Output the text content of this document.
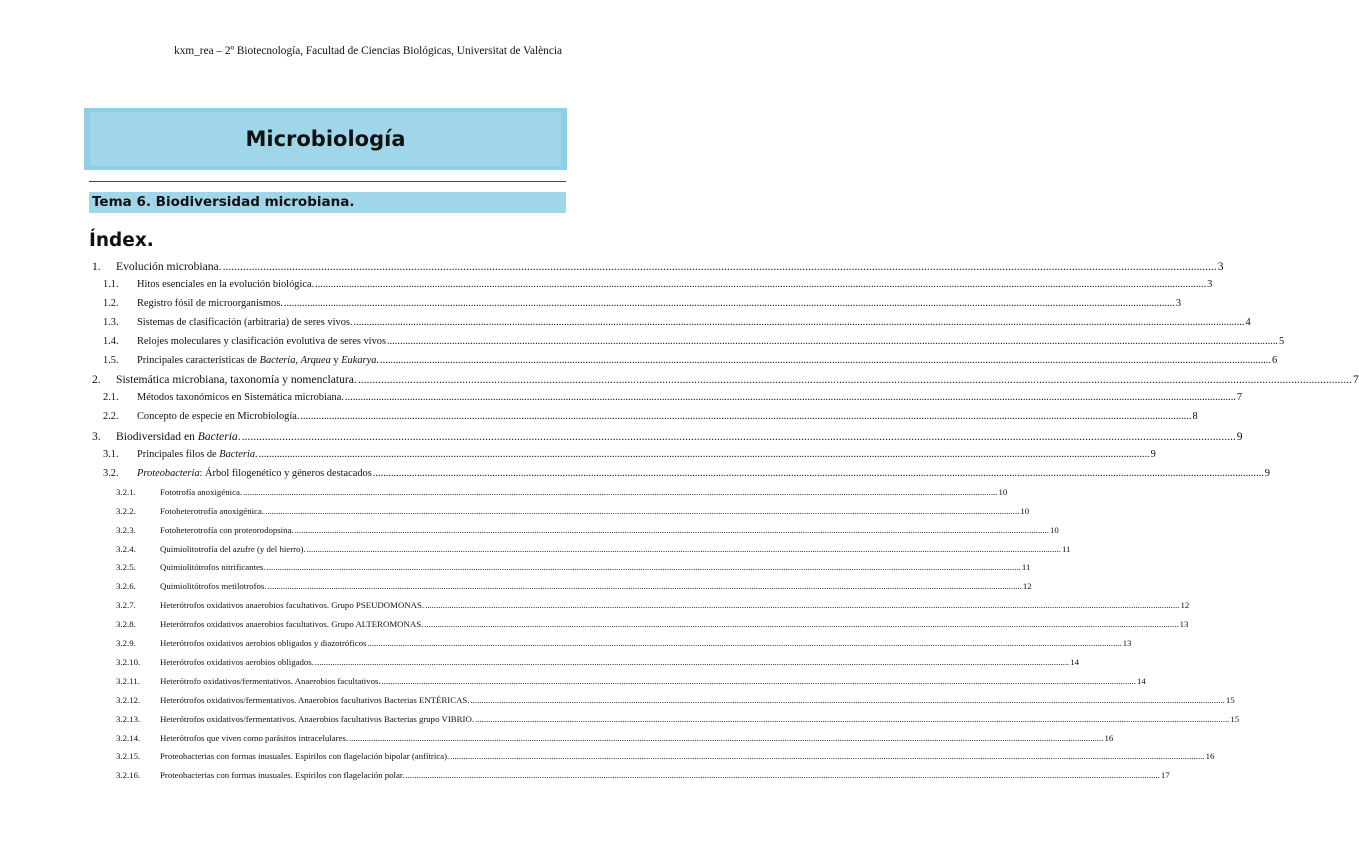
kxm_rea – 2º Biotecnología, Facultad de Ciencias Biológicas, Universitat de València
Microbiología
Tema 6. Biodiversidad microbiana.
Índex.
1.	Evolución microbiana. .....	3
1.1.	Hitos esenciales en la evolución biológica. .....	3
1.2.	Registro fósil de microorganismos. .....	3
1.3.	Sistemas de clasificación (arbitraria) de seres vivos. .....	4
1.4.	Relojes moleculares y clasificación evolutiva de seres vivos .....	5
1.5.	Principales características de Bacteria, Arquea y Eukarya. .....	6
2.	Sistemática microbiana, taxonomía y nomenclatura. .....	7
2.1.	Métodos taxonómicos en Sistemática microbiana. .....	7
2.2.	Concepto de especie en Microbiología. .....	8
3.	Biodiversidad en Bacteria. .....	9
3.1.	Principales filos de Bacteria. .....	9
3.2.	Proteobacteria: Árbol filogenético y géneros destacados .....	9
3.2.1.	Fototrofía anoxigénica. .....	10
3.2.2.	Fotoheterotrofía anoxigénica. .....	10
3.2.3.	Fotoheterotrofía con proteorodopsina. .....	10
3.2.4.	Quimiolitotrofía del azufre (y del hierro). .....	11
3.2.5.	Quimiolitótrofos nitrificantes. .....	11
3.2.6.	Quimiolitótrofos metilotrofos. .....	12
3.2.7.	Heterótrofos oxidativos anaerobios facultativos. Grupo PSEUDOMONAS. .....	12
3.2.8.	Heterótrofos oxidativos anaerobios facultativos. Grupo ALTEROMONAS. .....	13
3.2.9.	Heterótrofos oxidativos aerobios obligados y diazotróficos .....	13
3.2.10.	Heterótrofos oxidativos aerobios obligados. .....	14
3.2.11.	Heterótrofo oxidativos/fermentativos. Anaerobios facultativos. .....	14
3.2.12.	Heterótrofos oxidativos/fermentativos. Anaerobios facultativos Bacterias ENTÉRICAS. .....	15
3.2.13.	Heterótrofos oxidativos/fermentativos. Anaerobios facultativos Bacterias grupo VIBRIO. .....	15
3.2.14.	Heterótrofos que viven como parásitos intracelulares. .....	16
3.2.15.	Proteobacterias con formas inusuales. Espirilos con flagelación bipolar (anfítrica). .....	16
3.2.16.	Proteobacterias con formas inusuales. Espirilos con flagelación polar. .....	17
